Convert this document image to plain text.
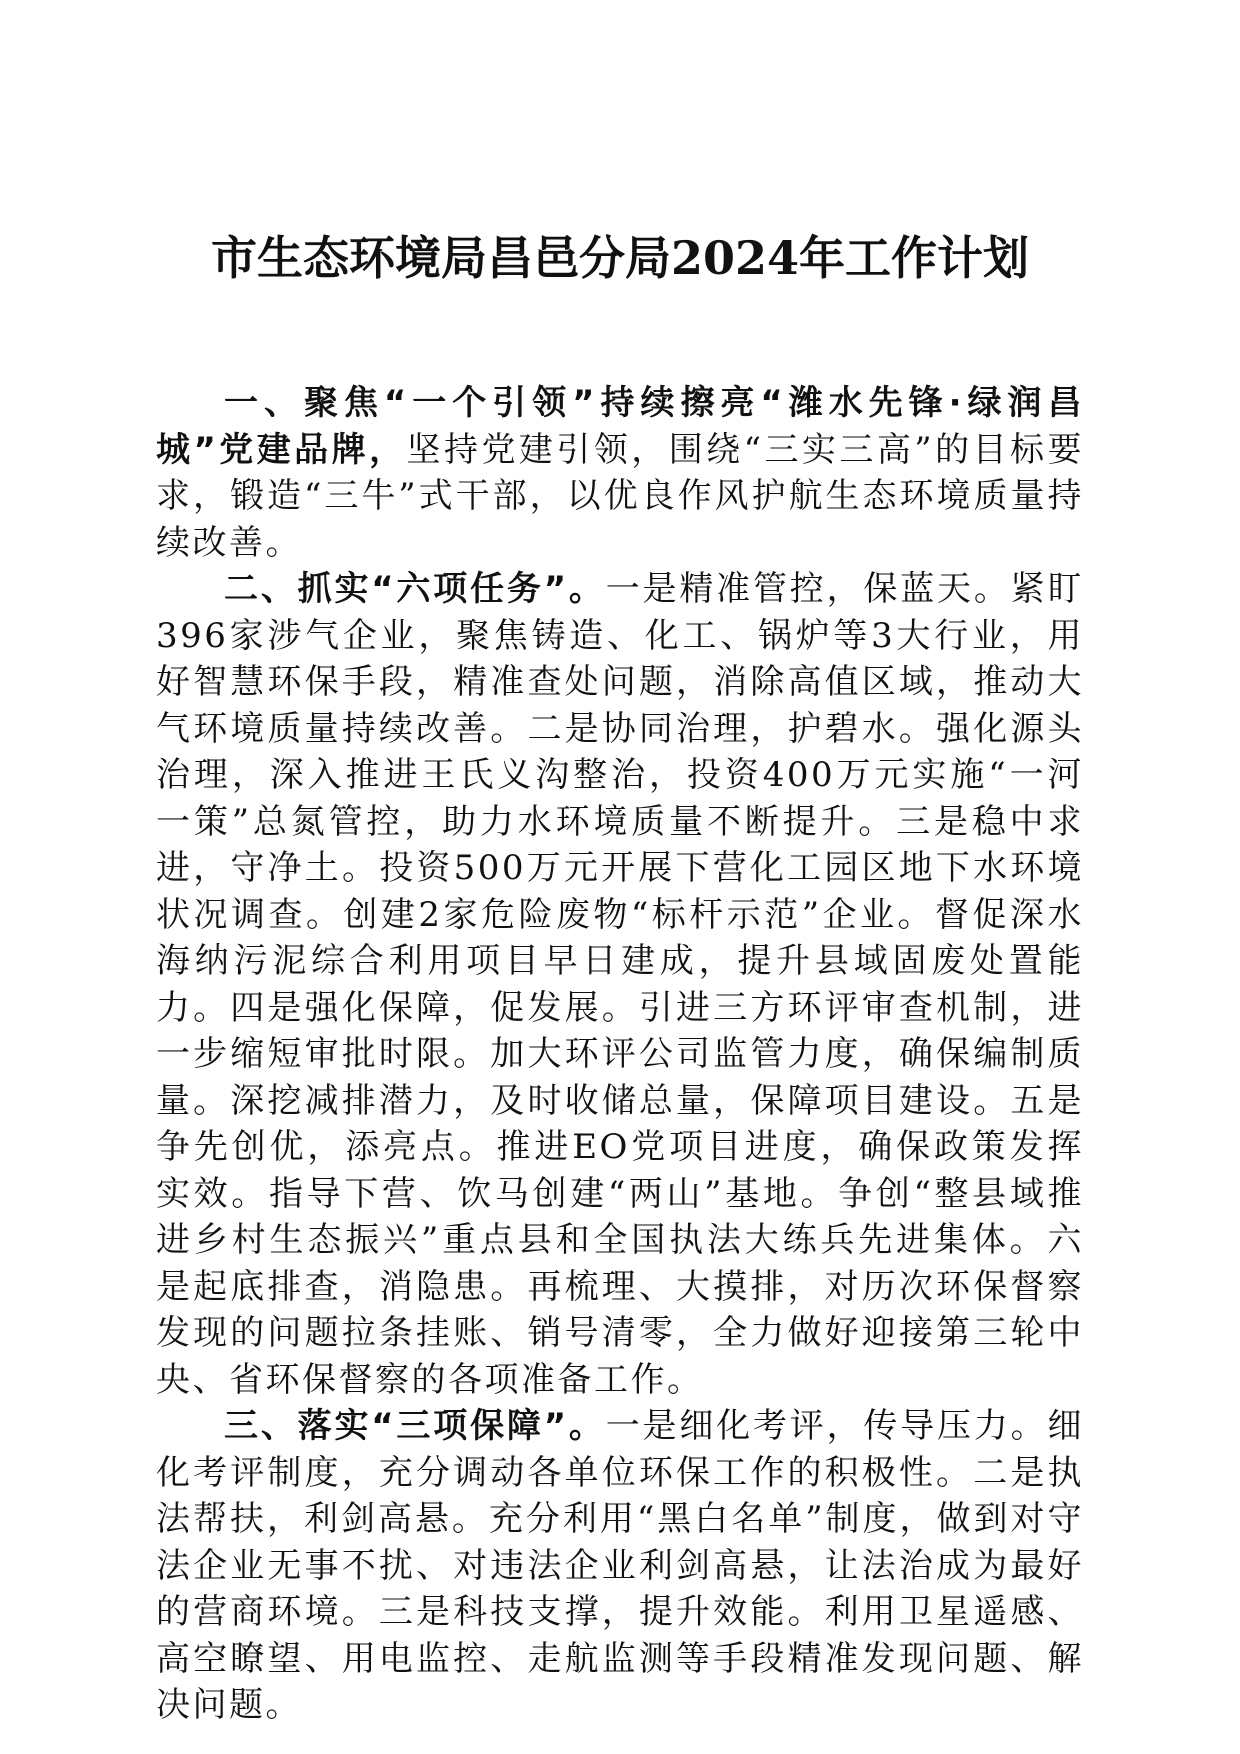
市生态环境局昌邑分局2024年工作计划

一、聚焦“一个引领”持续擦亮“潍水先锋·绿润昌城”党建品牌，坚持党建引领，围绕“三实三高”的目标要求，锻造“三牛”式干部，以优良作风护航生态环境质量持续改善。

二、抓实“六项任务”。一是精准管控，保蓝天。紧盯396家涉气企业，聚焦铸造、化工、锅炉等3大行业，用好智慧环保手段，精准查处问题，消除高值区域，推动大气环境质量持续改善。二是协同治理，护碧水。强化源头治理，深入推进王氏义沟整治，投资400万元实施“一河一策”总氮管控，助力水环境质量不断提升。三是稳中求进，守净土。投资500万元开展下营化工园区地下水环境状况调查。创建2家危险废物“标杆示范”企业。督促深水海纳污泥综合利用项目早日建成，提升县域固废处置能力。四是强化保障，促发展。引进三方环评审查机制，进一步缩短审批时限。加大环评公司监管力度，确保编制质量。深挖减排潜力，及时收储总量，保障项目建设。五是争先创优，添亮点。推进EO党项目进度，确保政策发挥实效。指导下营、饮马创建“两山”基地。争创“整县域推进乡村生态振兴”重点县和全国执法大练兵先进集体。六是起底排查，消隐患。再梳理、大摸排，对历次环保督察发现的问题拉条挂账、销号清零，全力做好迎接第三轮中央、省环保督察的各项准备工作。

三、落实“三项保障”。一是细化考评，传导压力。细化考评制度，充分调动各单位环保工作的积极性。二是执法帮扶，利剑高悬。充分利用“黑白名单”制度，做到对守法企业无事不扰、对违法企业利剑高悬，让法治成为最好的营商环境。三是科技支撑，提升效能。利用卫星遥感、高空瞭望、用电监控、走航监测等手段精准发现问题、解决问题。
